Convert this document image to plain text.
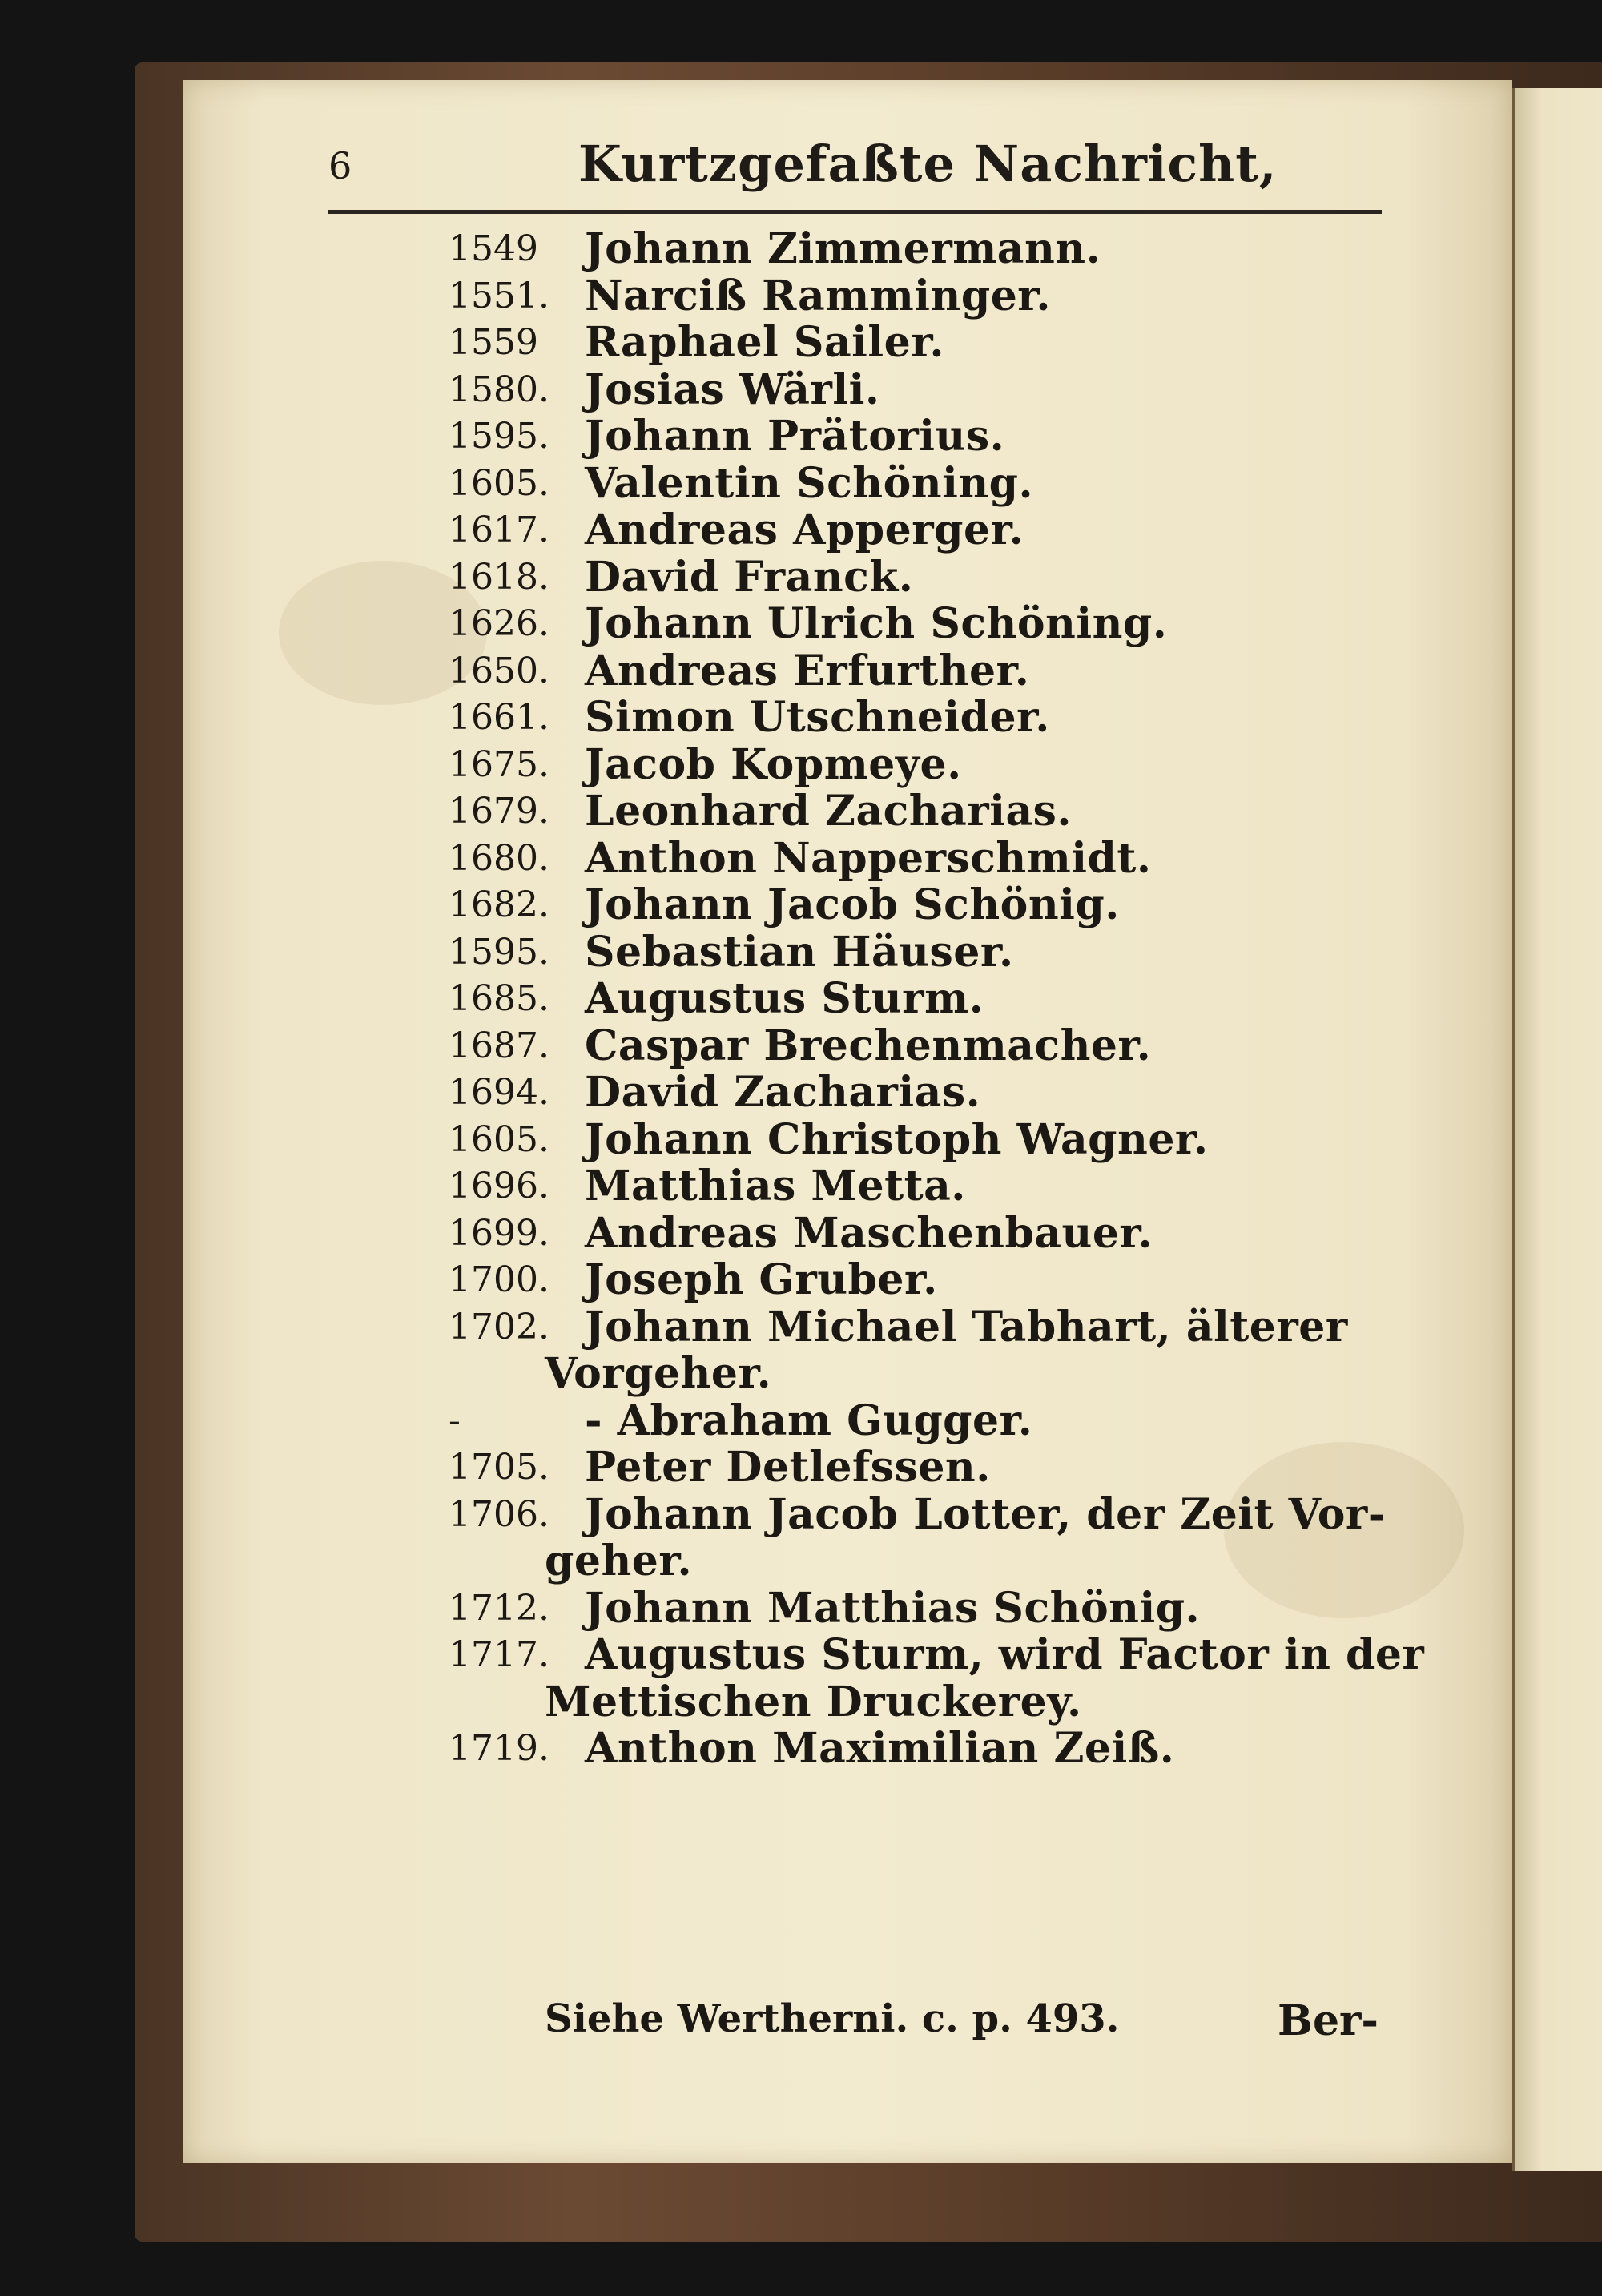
6	Kurtzgefaßte Nachricht,
1549	Johann Zimmermann.
1551. Narciß Ramminger.
1559	Raphael Sailer.
1580. Josias Wärli.
1595. Johann Prätorius.
1605. Valentin Schöning.
1617. Andreas Apperger.
1618. David Franck.
1626. Johann Ulrich Schöning.
1650. Andreas Erfurther.
1661. Simon Utschneider.
1675. Jacob Kopmeye.
1679. Leonhard Zacharias.
1680. Anthon Napperschmidt.
1682. Johann Jacob Schönig.
1595. Sebastian Häuser.
1685. Augustus Sturm.
1687. Caspar Brechenmacher.
1694. David Zacharias.
1605. Johann Christoph Wagner.
1696. Matthias Metta.
1699. Andreas Maschenbauer.
1700. Joseph Gruber.
1702. Johann Michael Tabhart, älterer
Vorgeher.
-	- Abraham Gugger.
1705. Peter Detlefssen.
1706. Johann Jacob Lotter, der Zeit Vor-
geher.
1712. Johann Matthias Schönig.
1717. Augustus Sturm, wird Factor in der
Mettischen Druckerey.
1719. Anthon Maximilian Zeiß.
Siehe Wertherni. c. p. 493.	Ber-
